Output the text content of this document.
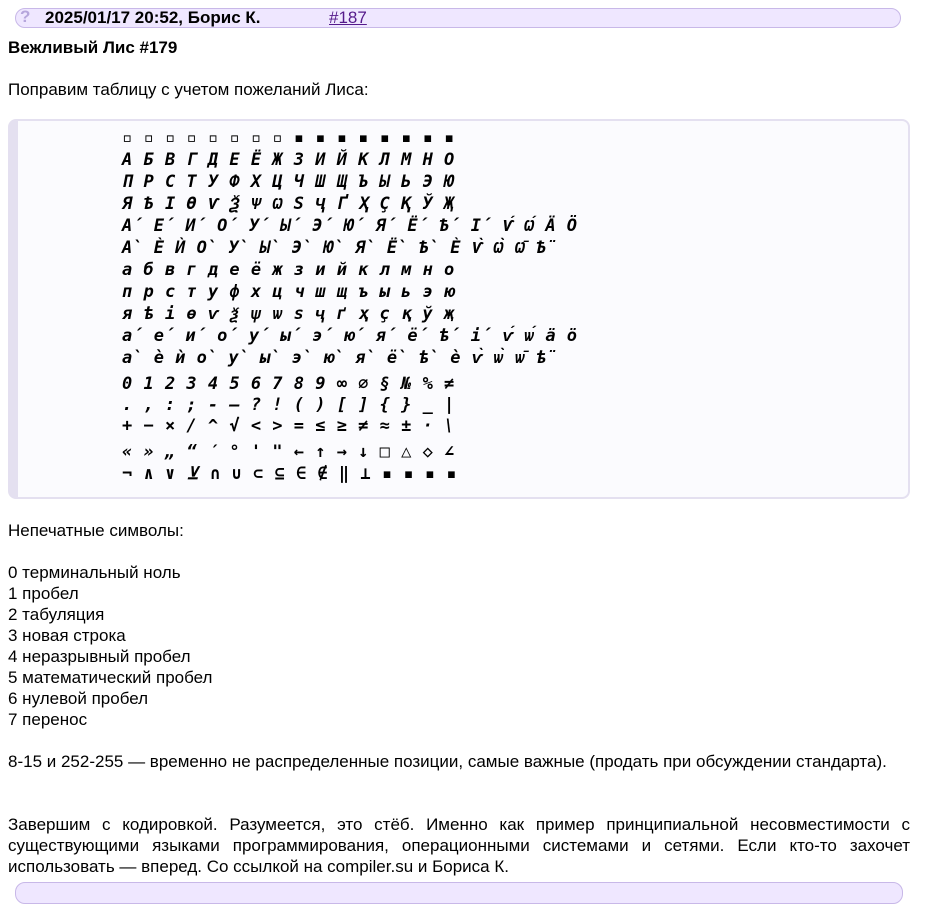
? 2025/01/17 20:52, Борис К.	#187
Вежливый Лис #179
Поправим таблицу с учетом пожеланий Лиса:
▫ ▫ ▫ ▫ ▫ ▫ ▫ ▫ ▪ ▪ ▪ ▪ ▪ ▪ ▪ ▪
А Б В Г Д Е Ё Ж З И Й К Л М Н О
П Р С Т У Ф Х Ц Ч Ш Щ Ъ Ы Ь Э Ю
Я Ѣ І Ѳ Ѵ Ѯ Ѱ Ѡ Ѕ Ҷ Ґ Ҳ Ҫ Қ Ў Җ
А́ Е́ И́ О́ У́ Ы́ Э́ Ю́ Я́ Ё́ Ѣ́ І́ Ѵ́ Ѡ́ Ä Ö
А̀ È Ѝ О̀ У̀ Ы̀ Э̀ Ю̀ Я̀ Ё̀ Ѣ̀ Ѐ Ѵ̀ Ѡ̀ Ѡ̄ Ѣ̈
а б в г д е ё ж з и й к л м н о
п р с т у ф х ц ч ш щ ъ ы ь э ю
я ѣ і ѳ ѵ ѯ ѱ ѡ ѕ ҷ ґ ҳ ҫ қ ў җ
а́ е́ и́ о́ у́ ы́ э́ ю́ я́ ё́ ѣ́ і́ ѵ́ ѡ́ ä ö
а̀ è ѝ о̀ у̀ ы̀ э̀ ю̀ я̀ ё̀ ѣ̀ ѐ ѵ̀ ѡ̀ ѡ̄ ѣ̈
0 1 2 3 4 5 6 7 8 9 ∞ ∅ § № % ≠
. , : ; - — ? ! ( ) [ ] { } _ |
+ − × / ^ √ < > = ≤ ≥ ≠ ≈ ± · \
« » „ “ ′ ° ' " ← ↑ → ↓ □ △ ◇ ∠
¬ ∧ ∨ ⊻ ∩ ∪ ⊂ ⊆ ∈ ∉ ‖ ⊥ ▪ ▪ ▪ ▪
Непечатные символы:
0 терминальный ноль
1 пробел
2 табуляция
3 новая строка
4 неразрывный пробел
5 математический пробел
6 нулевой пробел
7 перенос
8-15 и 252-255 — временно не распределенные позиции, самые важные (продать при обсуждении стандарта).
Завершим с кодировкой. Разумеется, это стёб. Именно как пример принципиальной несовместимости с существующими языками программирования, операционными системами и сетями. Если кто-то захочет использовать — вперед. Со ссылкой на compiler.su и Бориса К.
